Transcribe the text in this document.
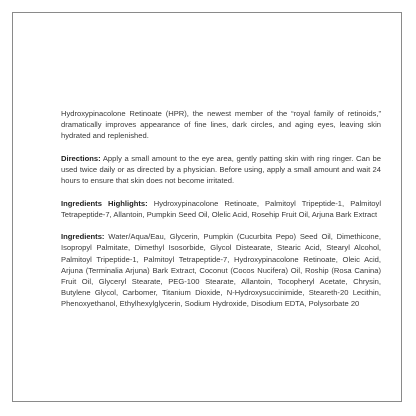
Hydroxypinacolone Retinoate (HPR), the newest member of the “royal family of retinoids,” dramatically improves appearance of fine lines, dark circles, and aging eyes, leaving skin hydrated and replenished.

Directions: Apply a small amount to the eye area, gently patting skin with ring ringer. Can be used twice daily or as directed by a physician. Before using, apply a small amount and wait 24 hours to ensure that skin does not become irritated.

Ingredients Highlights: Hydroxypinacolone Retinoate, Palmitoyl Tripeptide-1, Palmitoyl Tetrapeptide-7, Allantoin, Pumpkin Seed Oil, Olelic Acid, Rosehip Fruit Oil, Arjuna Bark Extract

Ingredients: Water/Aqua/Eau, Glycerin, Pumpkin (Cucurbita Pepo) Seed Oil, Dimethicone, Isopropyl Palmitate, Dimethyl Isosorbide, Glycol Distearate, Stearic Acid, Stearyl Alcohol, Palmitoyl Tripeptide-1, Palmitoyl Tetrapeptide-7, Hydroxypinacolone Retinoate, Oleic Acid, Arjuna (Terminalia Arjuna) Bark Extract, Coconut (Cocos Nucifera) Oil, Roship (Rosa Canina) Fruit Oil, Glyceryl Stearate, PEG-100 Stearate, Allantoin, Tocopheryl Acetate, Chrysin, Butylene Glycol, Carbomer, Titanium Dioxide, N-Hydroxysuccinimide, Steareth-20 Lecithin, Phenoxyethanol, Ethylhexylglycerin, Sodium Hydroxide, Disodium EDTA, Polysorbate 20
